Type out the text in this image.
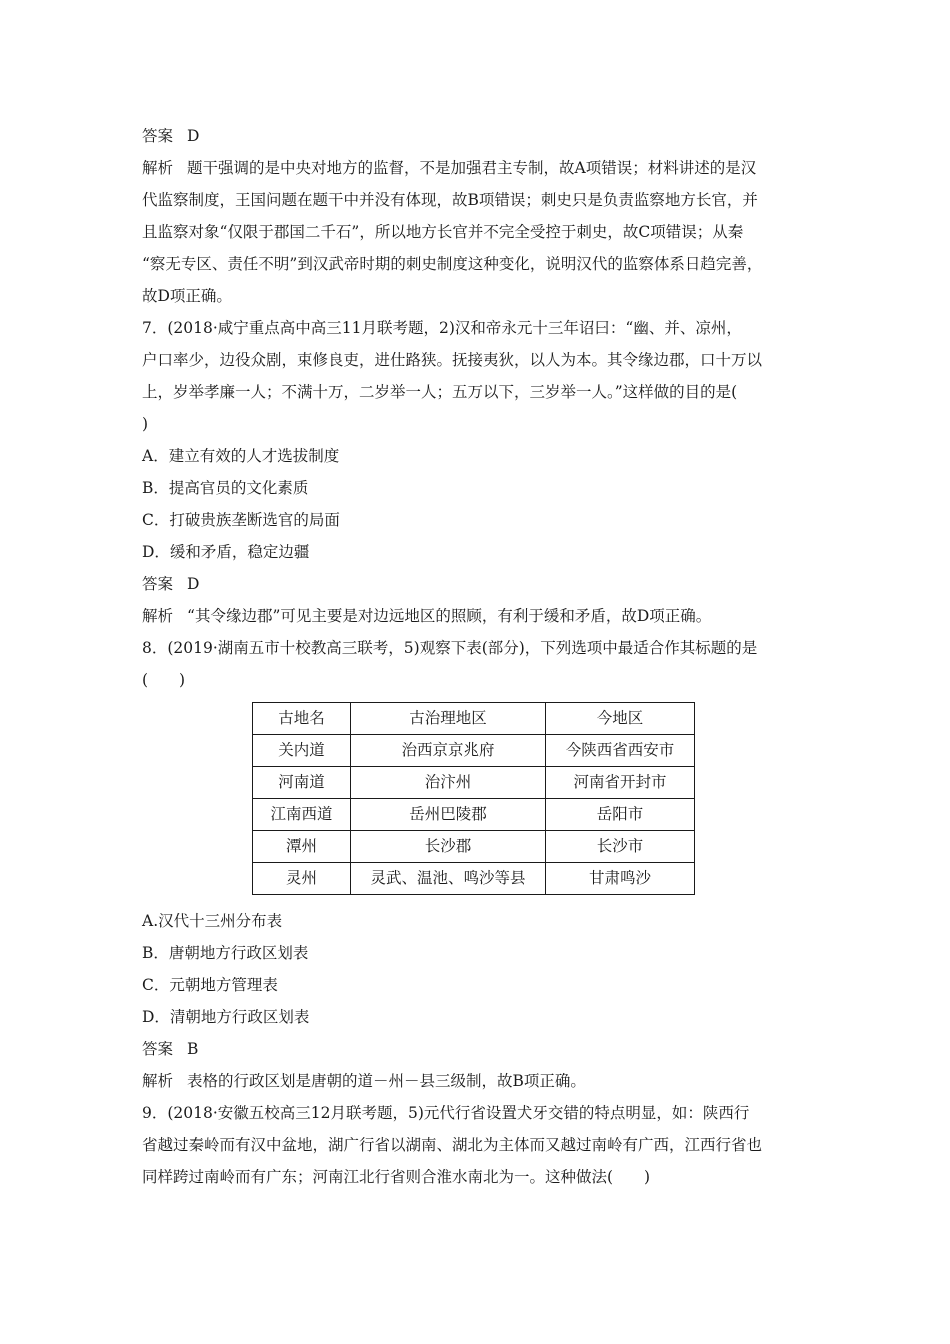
答案 D
解析 题干强调的是中央对地方的监督，不是加强君主专制，故A项错误；材料讲述的是汉
代监察制度，王国问题在题干中并没有体现，故B项错误；刺史只是负责监察地方长官，并
且监察对象“仅限于郡国二千石”，所以地方长官并不完全受控于刺史，故C项错误；从秦
“察无专区、责任不明”到汉武帝时期的刺史制度这种变化，说明汉代的监察体系日趋完善，
故D项正确。
7．(2018·咸宁重点高中高三11月联考题，2)汉和帝永元十三年诏曰：“幽、并、凉州，
户口率少，边役众剧，束修良吏，进仕路狭。抚接夷狄，以人为本。其令缘边郡，口十万以
上，岁举孝廉一人；不满十万，二岁举一人；五万以下，三岁举一人。”这样做的目的是(
)
A．建立有效的人才选拔制度
B．提高官员的文化素质
C．打破贵族垄断选官的局面
D．缓和矛盾，稳定边疆
答案 D
解析 “其令缘边郡”可见主要是对边远地区的照顾，有利于缓和矛盾，故D项正确。
8．(2019·湖南五市十校教高三联考，5)观察下表(部分)，下列选项中最适合作其标题的是
(　　)
古地名	古治理地区	今地区
关内道	治西京京兆府	今陕西省西安市
河南道	治汴州	河南省开封市
江南西道	岳州巴陵郡	岳阳市
潭州	长沙郡	长沙市
灵州	灵武、温池、鸣沙等县	甘肃鸣沙
A.汉代十三州分布表
B．唐朝地方行政区划表
C．元朝地方管理表
D．清朝地方行政区划表
答案 B
解析 表格的行政区划是唐朝的道－州－县三级制，故B项正确。
9．(2018·安徽五校高三12月联考题，5)元代行省设置犬牙交错的特点明显，如：陕西行
省越过秦岭而有汉中盆地，湖广行省以湖南、湖北为主体而又越过南岭有广西，江西行省也
同样跨过南岭而有广东；河南江北行省则合淮水南北为一。这种做法(　　)
